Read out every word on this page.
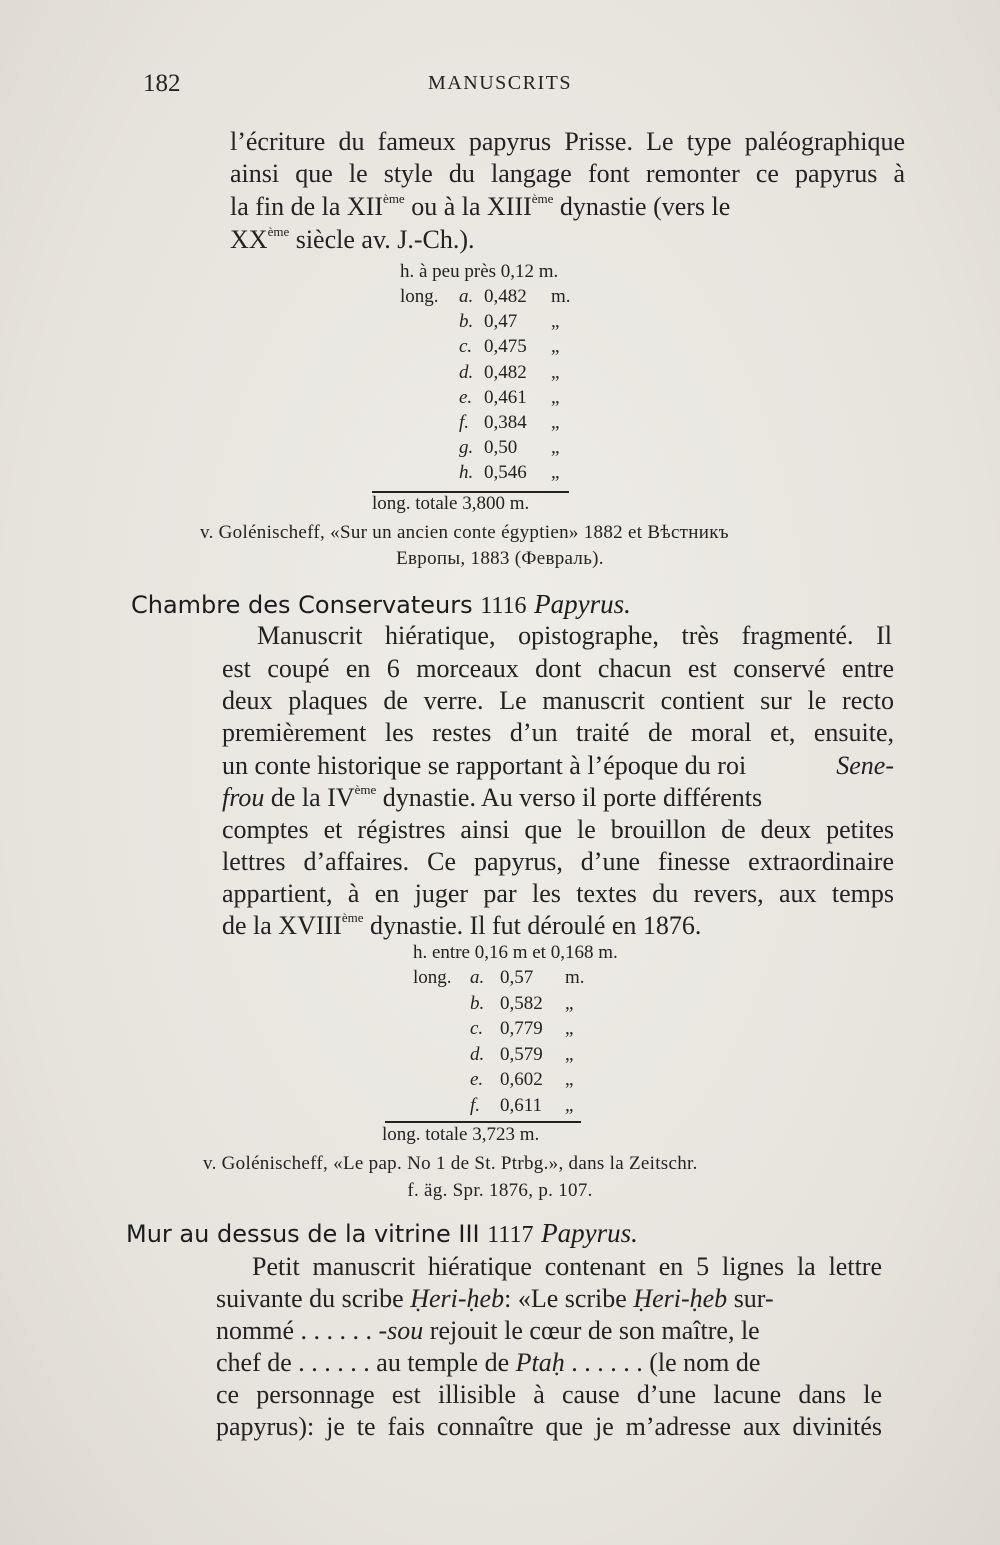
182	MANUSCRITS
l’écriture du fameux papyrus Prisse. Le type paléographique
ainsi que le style du langage font remonter ce papyrus à
la fin de la XIIème ou à la XIIIème dynastie (vers le
XXème siècle av. J.-Ch.).
h. à peu près 0,12 m.
long. a. 0,482 m.
b. 0,47 „
c. 0,475 „
d. 0,482 „
e. 0,461 „
f. 0,384 „
g. 0,50 „
h. 0,546 „
long. totale 3,800 m.
v. Golénischeff, «Sur un ancien conte égyptien» 1882 et Вѣстникъ
Европы, 1883 (Февраль).
Chambre des Conservateurs 1116 Papyrus.
Manuscrit hiératique, opistographe, très fragmenté. Il
est coupé en 6 morceaux dont chacun est conservé entre
deux plaques de verre. Le manuscrit contient sur le recto
premièrement les restes d’un traité de moral et, ensuite,
un conte historique se rapportant à l’époque du roi	Sene-
frou de la IVème dynastie. Au verso il porte différents
comptes et régistres ainsi que le brouillon de deux petites
lettres d’affaires. Ce papyrus, d’une finesse extraordinaire
appartient, à en juger par les textes du revers, aux temps
de la XVIIIème dynastie. Il fut déroulé en 1876.
h. entre 0,16 m et 0,168 m.
long. a. 0,57 m.
b. 0,582 „
c. 0,779 „
d. 0,579 „
e. 0,602 „
f. 0,611 „
long. totale 3,723 m.
v. Golénischeff, «Le pap. No 1 de St. Ptrbg.», dans la Zeitschr.
f. äg. Spr. 1876, p. 107.
Mur au dessus de la vitrine III 1117 Papyrus.
Petit manuscrit hiératique contenant en 5 lignes la lettre
suivante du scribe Ḥeri-ḥeb: «Le scribe Ḥeri-ḥeb sur-
nommé . . . . . . -sou rejouit le cœur de son maître, le
chef de . . . . . . au temple de Ptaḥ . . . . . . (le nom de
ce personnage est illisible à cause d’une lacune dans le
papyrus): je te fais connaître que je m’adresse aux divinités
